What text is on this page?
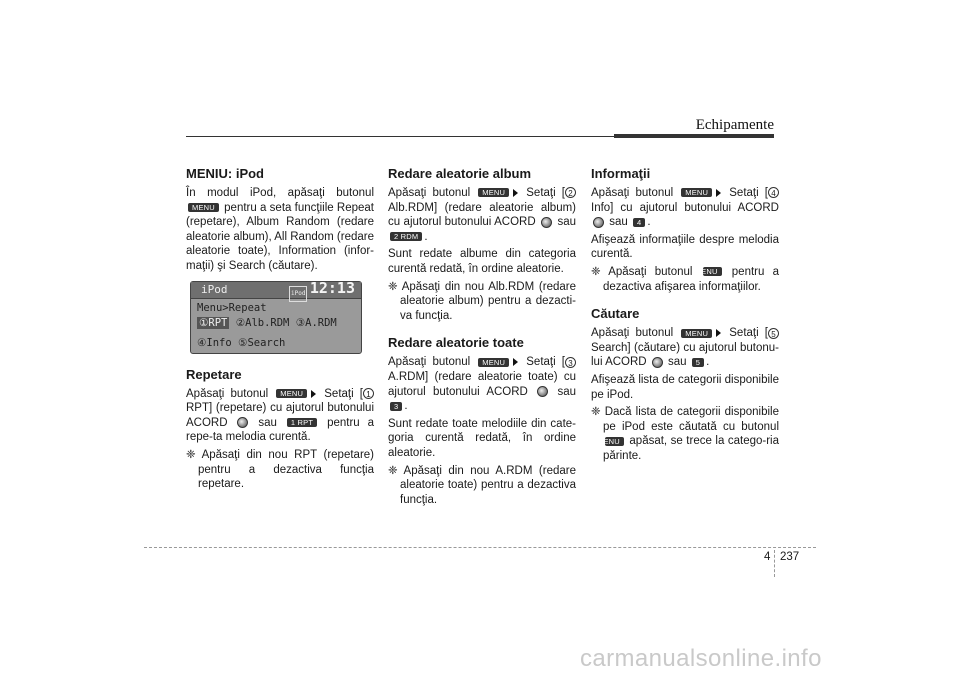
Echipamente
MENIU: iPod

În modul iPod, apăsaţi butonul MENU pentru a seta funcţiile Repeat (repetare), Album Random (redare aleatorie album), All Random (redare aleatorie toate), Information (infor-maţii) şi Search (căutare).

iPod	iPod 12:13
Menu>Repeat
①RPT ②Alb.RDM ③A.RDM
④Info ⑤Search
Repetare

Apăsaţi butonul MENU Setaţi [ 1 RPT] (repetare) cu ajutorul butonului ACORD	sau 1 RPT pentru a repe-ta melodia curentă.

❈ Apăsaţi din nou RPT (repetare) pentru a dezactiva funcţia repetare.

Redare aleatorie album

Apăsaţi butonul MENU Setaţi [ 2 Alb.RDM] (redare aleatorie album) cu ajutorul butonului ACORD sau 2 RDM .

Sunt redate albume din categoria curentă redată, în ordine aleatorie.

❈ Apăsaţi din nou Alb.RDM (redare aleatorie album) pentru a dezacti-va funcţia.

Redare aleatorie toate

Apăsaţi butonul MENU Setaţi [ 3 A.RDM] (redare aleatorie toate) cu ajutorul butonului ACORD	sau 3 .

Sunt redate toate melodiile din cate-goria curentă redată, în ordine aleatorie.

❈ Apăsaţi din nou A.RDM (redare aleatorie toate) pentru a dezactiva funcţia.

Informaţii

Apăsaţi butonul MENU Setaţi [ 4 Info] cu ajutorul butonului ACORD  sau 4 .

Afişează informaţiile despre melodia curentă.

❈ Apăsaţi butonul MENU pentru a dezactiva afişarea informaţiilor.

Căutare

Apăsaţi butonul MENU Setaţi [ 5 Search] (căutare) cu ajutorul butonu-lui ACORD sau 5 .

Afişează lista de categorii disponibile pe iPod.

❈ Dacă lista de categorii disponibile pe iPod este căutată cu butonul MENU apăsat, se trece la catego-ria părinte.

4 237
carmanualsonline.info
